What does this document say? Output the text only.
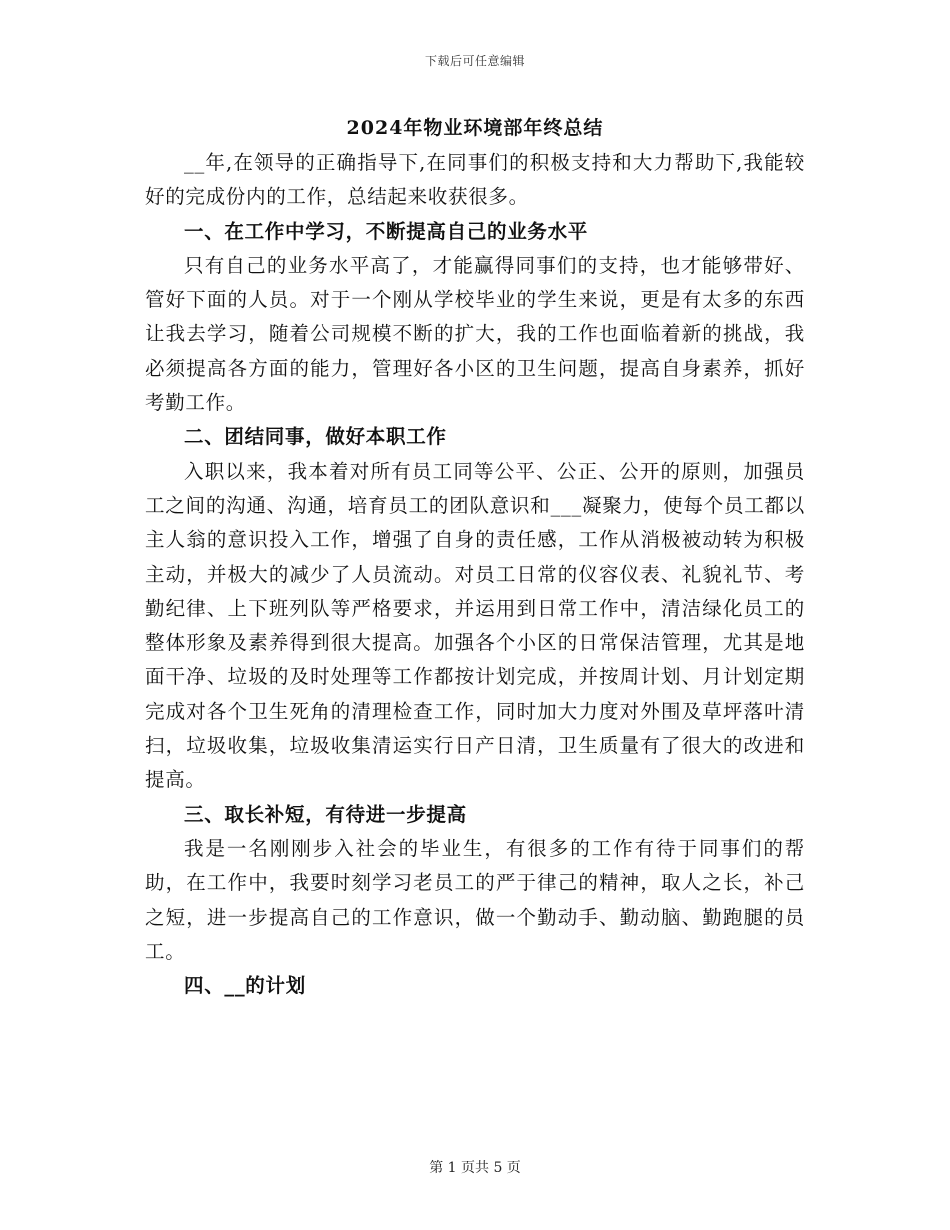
下载后可任意编辑
2024年物业环境部年终总结

__年,在领导的正确指导下,在同事们的积极支持和大力帮助下,我能较好的完成份内的工作，总结起来收获很多。

一、在工作中学习，不断提高自己的业务水平

只有自己的业务水平高了，才能赢得同事们的支持，也才能够带好、管好下面的人员。对于一个刚从学校毕业的学生来说，更是有太多的东西让我去学习，随着公司规模不断的扩大，我的工作也面临着新的挑战，我必须提高各方面的能力，管理好各小区的卫生问题，提高自身素养，抓好考勤工作。

二、团结同事，做好本职工作

入职以来，我本着对所有员工同等公平、公正、公开的原则，加强员工之间的沟通、沟通，培育员工的团队意识和___凝聚力，使每个员工都以主人翁的意识投入工作，增强了自身的责任感，工作从消极被动转为积极主动，并极大的减少了人员流动。对员工日常的仪容仪表、礼貌礼节、考勤纪律、上下班列队等严格要求，并运用到日常工作中，清洁绿化员工的整体形象及素养得到很大提高。加强各个小区的日常保洁管理，尤其是地面干净、垃圾的及时处理等工作都按计划完成，并按周计划、月计划定期完成对各个卫生死角的清理检查工作，同时加大力度对外围及草坪落叶清扫，垃圾收集，垃圾收集清运实行日产日清，卫生质量有了很大的改进和提高。

三、取长补短，有待进一步提高

我是一名刚刚步入社会的毕业生，有很多的工作有待于同事们的帮助，在工作中，我要时刻学习老员工的严于律己的精神，取人之长，补己之短，进一步提高自己的工作意识，做一个勤动手、勤动脑、勤跑腿的员工。

四、__的计划
第 1 页共 5 页
